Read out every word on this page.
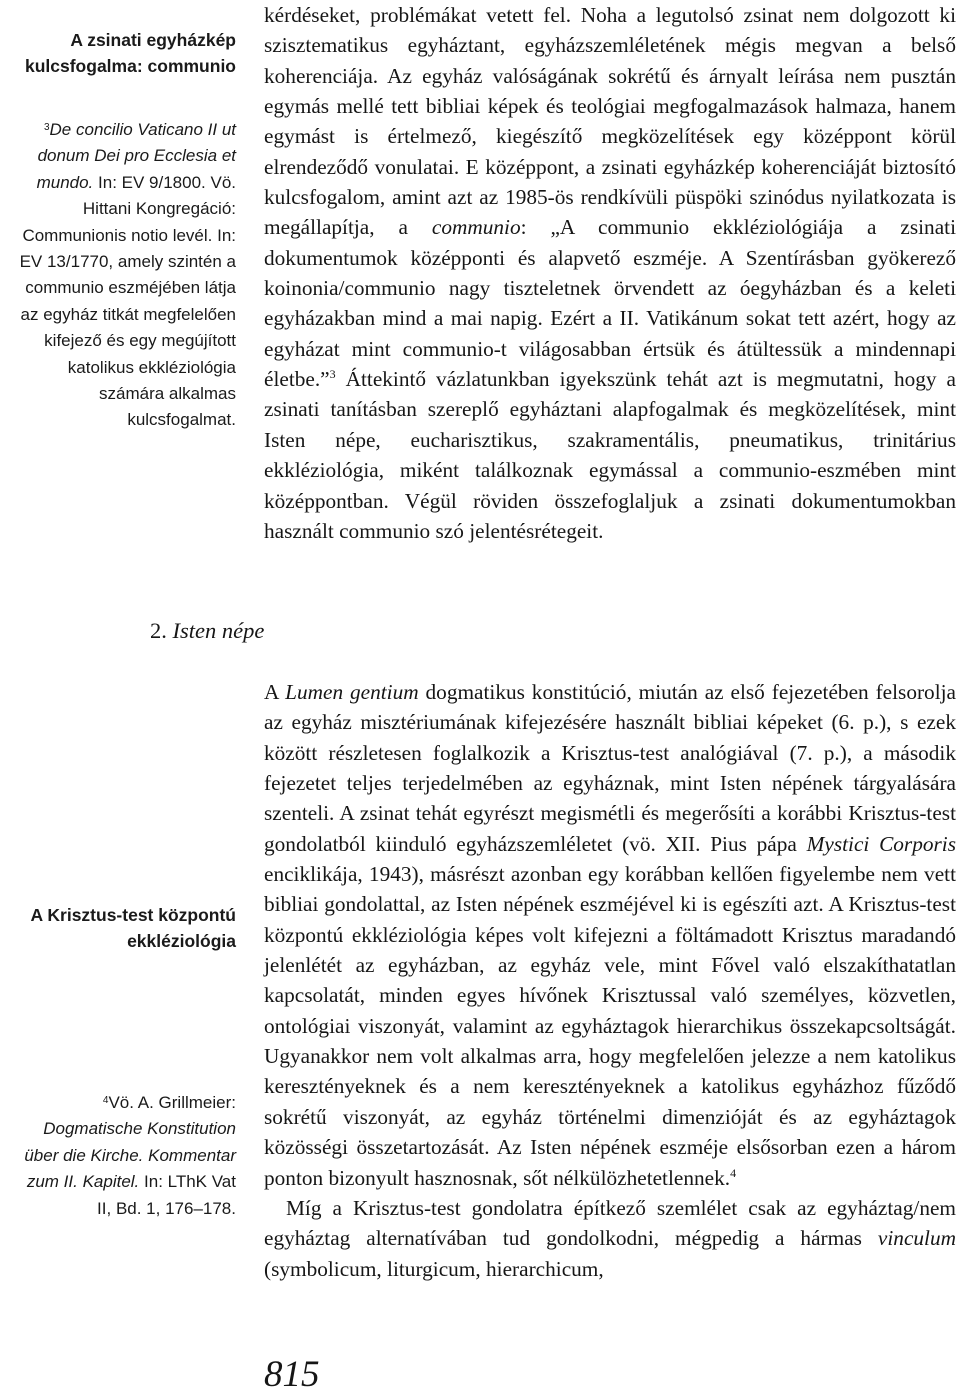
A zsinati egyházkép kulcsfogalma: communio

$^3$De concilio Vaticano II ut donum Dei pro Ecclesia et mundo. In: EV 9/1800. Vö. Hittani Kongregáció: Communionis notio levél. In: EV 13/1770, amely szintén a communio eszméjében látja az egyház titkát megfelelően kifejező és egy megújított katolikus ekkléziológia számára alkalmas kulcsfogalmat.

kérdéseket, problémákat vetett fel. Noha a legutolsó zsinat nem dolgozott ki szisztematikus egyháztant, egyházszemléletének mégis megvan a belső koherenciája. Az egyház valóságának sokrétű és árnyalt leírása nem pusztán egymás mellé tett bibliai képek és teológiai megfogalmazások halmaza, hanem egymást is értelmező, kiegészítő megközelítések egy középpont körül elrendeződő vonulatai. E középpont, a zsinati egyházkép koherenciáját biztosító kulcsfogalom, amint azt az 1985-ös rendkívüli püspöki szinódus nyilatkozata is megállapítja, a communio: „A communio ekkléziológiája a zsinati dokumentumok középponti és alapvető eszméje. A Szentírásban gyökerező koinonia/communio nagy tiszteletnek örvendett az óegyházban és a keleti egyházakban mind a mai napig. Ezért a II. Vatikánum sokat tett azért, hogy az egyházat mint communio-t világosabban értsük és átültessük a mindennapi életbe.”$^3$ Áttekintő vázlatunkban igyekszünk tehát azt is megmutatni, hogy a zsinati tanításban szereplő egyháztani alapfogalmak és megközelítések, mint Isten népe, eucharisztikus, szakramentális, pneumatikus, trinitárius ekkléziológia, miként találkoznak egymással a communio-eszmében mint középpontban. Végül röviden összefoglaljuk a zsinati dokumentumokban használt communio szó jelentésrétegeit.

2. Isten népe

A Krisztus-test központú ekkléziológia

$^4$Vö. A. Grillmeier: Dogmatische Konstitution über die Kirche. Kommentar zum II. Kapitel. In: LThK Vat II, Bd. 1, 176–178.

A Lumen gentium dogmatikus konstitúció, miután az első fejezetében felsorolja az egyház misztériumának kifejezésére használt bibliai képeket (6. p.), s ezek között részletesen foglalkozik a Krisztus-test analógiával (7. p.), a második fejezetet teljes terjedelmében az egyháznak, mint Isten népének tárgyalására szenteli. A zsinat tehát egyrészt megismétli és megerősíti a korábbi Krisztus-test gondolatból kiinduló egyházszemléletet (vö. XII. Pius pápa Mystici Corporis enciklikája, 1943), másrészt azonban egy korábban kellően figyelembe nem vett bibliai gondolattal, az Isten népének eszméjével ki is egészíti azt. A Krisztus-test központú ekkléziológia képes volt kifejezni a föltámadott Krisztus maradandó jelenlétét az egyházban, az egyház vele, mint Fővel való elszakíthatatlan kapcsolatát, minden egyes hívőnek Krisztussal való személyes, közvetlen, ontológiai viszonyát, valamint az egyháztagok hierarchikus összekapcsoltságát. Ugyanakkor nem volt alkalmas arra, hogy megfelelően jelezze a nem katolikus keresztényeknek és a nem keresztényeknek a katolikus egyházhoz fűződő sokrétű viszonyát, az egyház történelmi dimenzióját és az egyháztagok közösségi összetartozását. Az Isten népének eszméje elsősorban ezen a három ponton bizonyult hasznosnak, sőt nélkülözhetetlennek.$^4$

Míg a Krisztus-test gondolatra építkező szemlélet csak az egyháztag/nem egyháztag alternatívában tud gondolkodni, mégpedig a hármas vinculum (symbolicum, liturgicum, hierarchicum,

815
